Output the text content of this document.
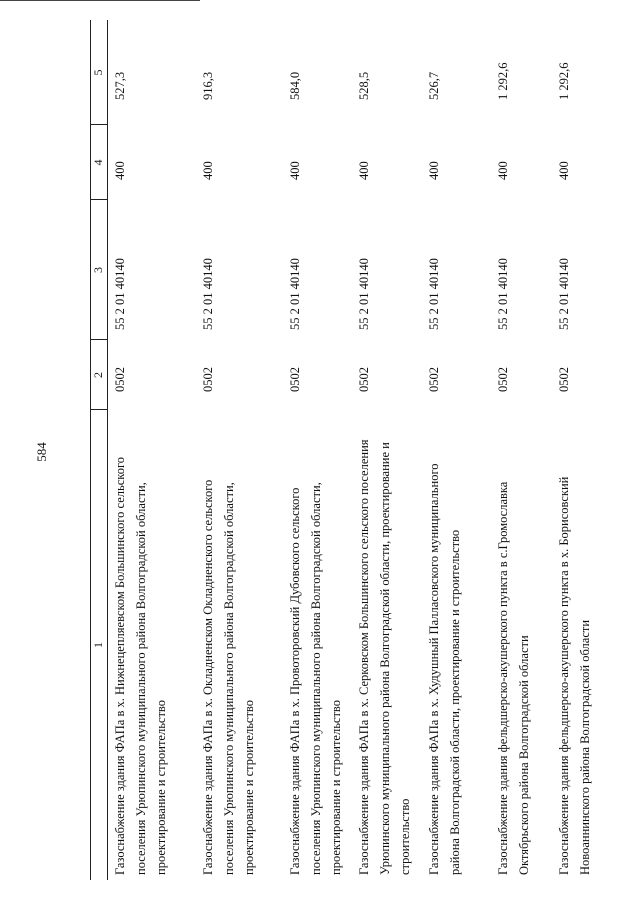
584
1
2
3
4
5
Газоснабжение здания ФАПа в х. Нижнецепляевском Большинского сельского поселения Урюпинского муниципального района Волгоградской области, проектирование и строительство
0502
55 2 01 40140
400
527,3
Газоснабжение здания ФАПа в х. Окладненском Окладненского сельского поселения Урюпинского муниципального района Волгоградской области, проектирование и строительство
0502
55 2 01 40140
400
916,3
Газоснабжение здания ФАПа в х. Провоторовский Дубовского сельского поселения Урюпинского муниципального района Волгоградской области, проектирование и строительство
0502
55 2 01 40140
400
584,0
Газоснабжение здания ФАПа в х. Серковском Большинского сельского поселения Урюпинского муниципального района Волгоградской области, проектирование и строительство
0502
55 2 01 40140
400
528,5
Газоснабжение здания ФАПа в х. Худушный Палласовского муниципального района Волгоградской области, проектирование и строительство
0502
55 2 01 40140
400
526,7
Газоснабжение здания фельдшерско-акушерского пункта в с.Громославка Октябрьского района Волгоградской области
0502
55 2 01 40140
400
1 292,6
Газоснабжение здания фельдшерско-акушерского пункта в х. Борисовский Новоаннинского района Волгоградской области
0502
55 2 01 40140
400
1 292,6
